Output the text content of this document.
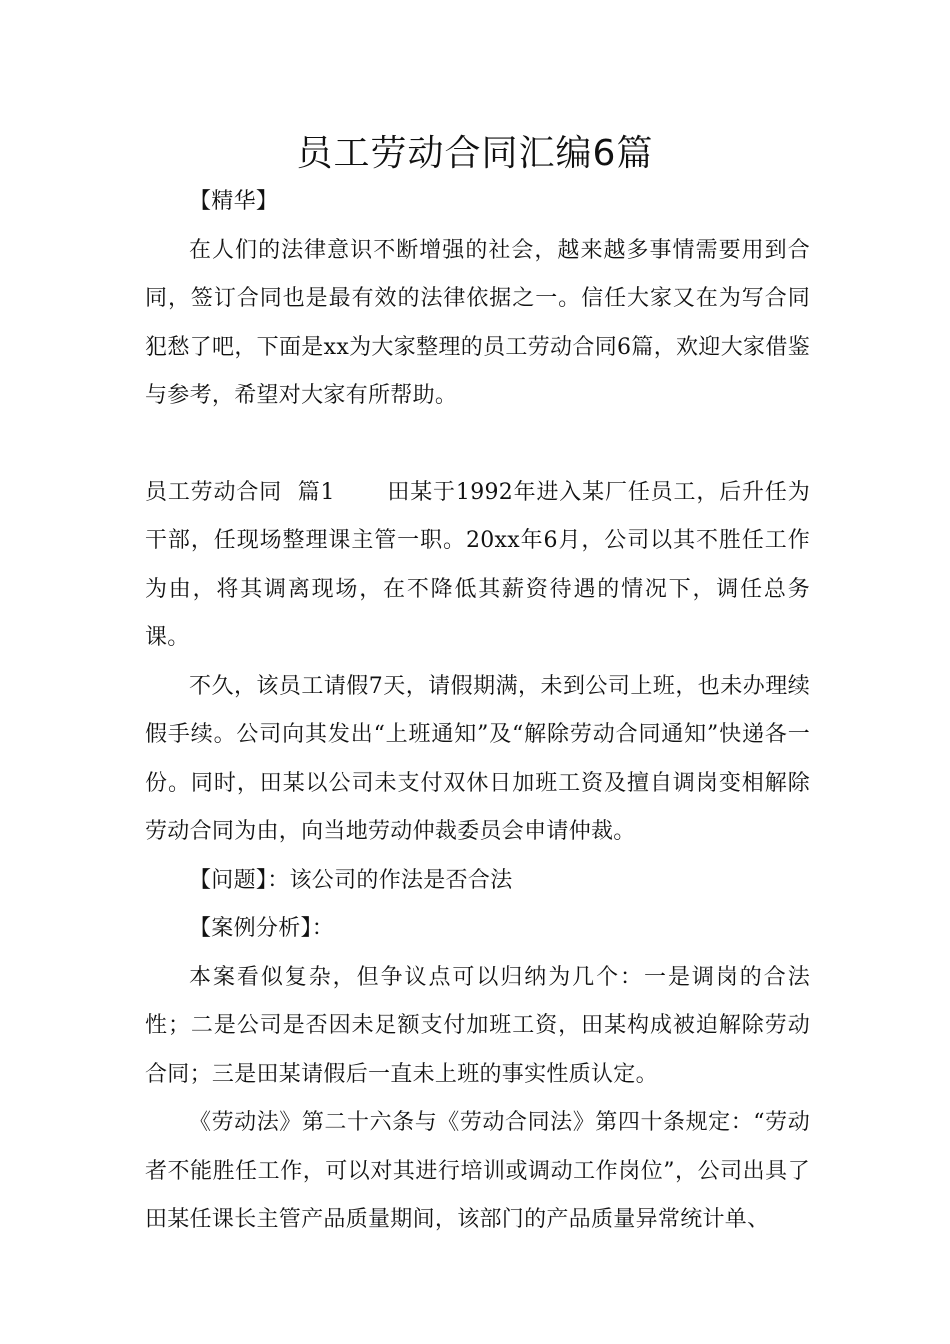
员工劳动合同汇编6篇

【精华】

在人们的法律意识不断增强的社会，越来越多事情需要用到合同，签订合同也是最有效的法律依据之一。信任大家又在为写合同犯愁了吧，下面是xx为大家整理的员工劳动合同6篇，欢迎大家借鉴与参考，希望对大家有所帮助。

员工劳动合同  篇1 田某于1992年进入某厂任员工，后升任为干部，任现场整理课主管一职。20xx年6月，公司以其不胜任工作为由，将其调离现场，在不降低其薪资待遇的情况下，调任总务课。

不久，该员工请假7天，请假期满，未到公司上班，也未办理续假手续。公司向其发出“上班通知”及“解除劳动合同通知”快递各一份。同时，田某以公司未支付双休日加班工资及擅自调岗变相解除劳动合同为由，向当地劳动仲裁委员会申请仲裁。

【问题】：该公司的作法是否合法

【案例分析】：

本案看似复杂，但争议点可以归纳为几个：一是调岗的合法性；二是公司是否因未足额支付加班工资，田某构成被迫解除劳动合同；三是田某请假后一直未上班的事实性质认定。

《劳动法》第二十六条与《劳动合同法》第四十条规定：“劳动者不能胜任工作，可以对其进行培训或调动工作岗位”，公司出具了田某任课长主管产品质量期间，该部门的产品质量异常统计单、
